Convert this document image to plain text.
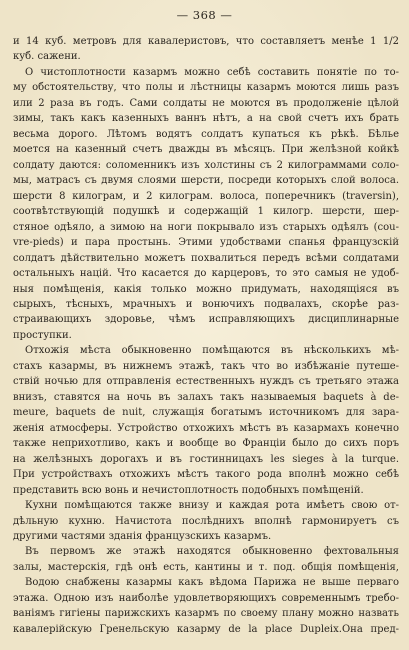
— 368 —
и 14 куб. метровъ для кавалеристовъ, что составляетъ менѣе 1 1/2
куб. сажени.
О чистоплотности казармъ можно себѣ составить понятіе по то-
му обстоятельству, что полы и лѣстницы казармъ моются лишь разъ
или 2 раза въ годъ. Сами солдаты не моются въ продолженіе цѣлой
зимы, такъ какъ казенныхъ ваннъ нѣтъ, а на свой счетъ ихъ брать
весьма дорого. Лѣтомъ водятъ солдатъ купаться къ рѣкѣ. Бѣлье
моется на казенный счетъ дважды въ мѣсяцъ. При желѣзной койкѣ
солдату даются: соломенникъ изъ холстины съ 2 килограммами соло-
мы, матрасъ съ двумя слоями шерсти, посреди которыхъ слой волоса.
шерсти 8 килограм, и 2 килограм. волоса, поперечникъ (traversin),
соотвѣтствующій подушкѣ и содержащій 1 килогр. шерсти, шер-
стяное одѣяло, а зимою на ноги покрывало изъ старыхъ одѣялъ (cou-
vre-pieds) и пара простынь. Этими удобствами спанья французскій
солдатъ дѣйствительно можетъ похвалиться передъ всѣми солдатами
остальныхъ націй. Что касается до карцеровъ, то это самыя не удоб-
ныя помѣщенія, какія только можно придумать, находящіяся въ
сырыхъ, тѣсныхъ, мрачныхъ и вонючихъ подвалахъ, скорѣе раз-
страивающихъ здоровье, чѣмъ исправляющихъ дисциплинарные
проступки.
Отхожія мѣста обыкновенно помѣщаются въ нѣсколькихъ мѣ-
стахъ казармы, въ нижнемъ этажѣ, такъ что во избѣжаніе путеше-
ствій ночью для отправленія естественныхъ нуждъ съ третьяго этажа
внизъ, ставятся на ночь въ залахъ такъ называемыя baquets à de-
meure, baquets de nuit, служащія богатымъ источникомъ для зара-
женія атмосферы. Устройство отхожихъ мѣстъ въ казармахъ конечно
также неприхотливо, какъ и вообще во Франціи было до сихъ поръ
на желѣзныхъ дорогахъ и въ гостинницахъ les sieges à la turque.
При устройствахъ отхожихъ мѣстъ такого рода вполнѣ можно себѣ
представить всю вонь и нечистоплотность подобныхъ помѣщеній.
Кухни помѣщаются также внизу и каждая рота имѣетъ свою от-
дѣльную кухню. Начистота послѣднихъ вполнѣ гармонируетъ съ
другими частями зданія французскихъ казармъ.
Въ первомъ же этажѣ находятся обыкновенно фехтовальныя
залы, мастерскія, гдѣ онѣ есть, кантины и т. под. общія помѣщенія,
Водою снабжены казармы какъ вѣдома Парижа не выше перваго
этажа. Одною изъ наиболѣе удовлетворяющихъ современнымъ требо-
ваніямъ гигіены парижскихъ казармъ по своему плану можно назвать
кавалерійскую Гренельскую казарму de la place Dupleix.Она пред-
